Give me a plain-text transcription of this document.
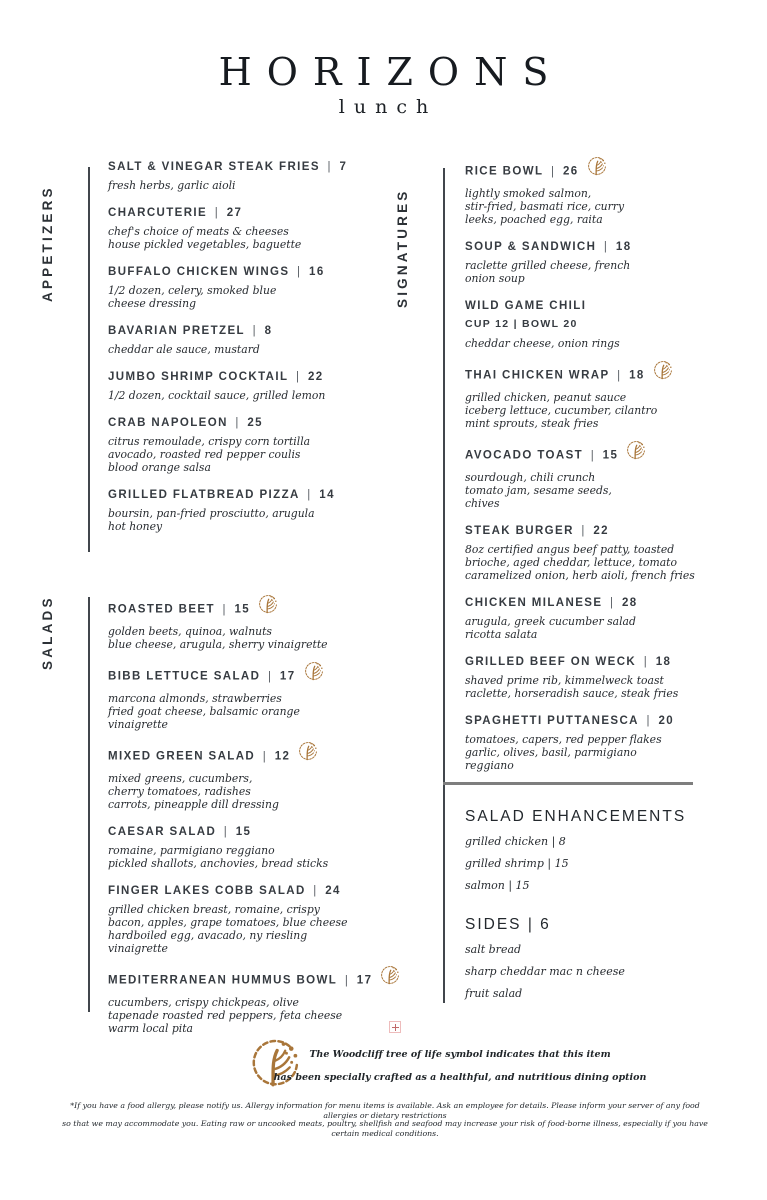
HORIZONS
lunch
APPETIZERS
SALADS
SIGNATURES
SALT & VINEGAR STEAK FRIES | 7
fresh herbs, garlic aioli
CHARCUTERIE | 27
chef's choice of meats & cheeses
house pickled vegetables, baguette
BUFFALO CHICKEN WINGS | 16
1/2 dozen, celery, smoked blue
cheese dressing
BAVARIAN PRETZEL | 8
cheddar ale sauce, mustard
JUMBO SHRIMP COCKTAIL | 22
1/2 dozen, cocktail sauce, grilled lemon
CRAB NAPOLEON | 25
citrus remoulade, crispy corn tortilla
avocado, roasted red pepper coulis
blood orange salsa
GRILLED FLATBREAD PIZZA | 14
boursin, pan-fried prosciutto, arugula
hot honey
ROASTED BEET | 15
golden beets, quinoa, walnuts
blue cheese, arugula, sherry vinaigrette
BIBB LETTUCE SALAD | 17
marcona almonds, strawberries
fried goat cheese, balsamic orange
vinaigrette
MIXED GREEN SALAD | 12
mixed greens, cucumbers,
cherry tomatoes, radishes
carrots, pineapple dill dressing
CAESAR SALAD | 15
romaine, parmigiano reggiano
pickled shallots, anchovies, bread sticks
FINGER LAKES COBB SALAD | 24
grilled chicken breast, romaine, crispy
bacon, apples, grape tomatoes, blue cheese
hardboiled egg, avacado, ny riesling
vinaigrette
MEDITERRANEAN HUMMUS BOWL | 17
cucumbers, crispy chickpeas, olive
tapenade roasted red peppers, feta cheese
warm local pita
RICE BOWL | 26
lightly smoked salmon,
stir-fried, basmati rice, curry
leeks, poached egg, raita
SOUP & SANDWICH | 18
raclette grilled cheese, french
onion soup
WILD GAME CHILI
CUP 12 | BOWL 20
cheddar cheese, onion rings
THAI CHICKEN WRAP | 18
grilled chicken, peanut sauce
iceberg lettuce, cucumber, cilantro
mint sprouts, steak fries
AVOCADO TOAST | 15
sourdough, chili crunch
tomato jam, sesame seeds,
chives
STEAK BURGER | 22
8oz certified angus beef patty, toasted
brioche, aged cheddar, lettuce, tomato
caramelized onion, herb aioli, french fries
CHICKEN MILANESE | 28
arugula, greek cucumber salad
ricotta salata
GRILLED BEEF ON WECK | 18
shaved prime rib, kimmelweck toast
raclette, horseradish sauce, steak fries
SPAGHETTI PUTTANESCA | 20
tomatoes, capers, red pepper flakes
garlic, olives, basil, parmigiano
reggiano
SALAD ENHANCEMENTS
grilled chicken | 8
grilled shrimp | 15
salmon | 15
SIDES | 6
salt bread
sharp cheddar mac n cheese
fruit salad
The Woodcliff tree of life symbol indicates that this item
has been specially crafted as a healthful, and nutritious dining option
*If you have a food allergy, please notify us. Allergy information for menu items is available. Ask an employee for details. Please inform your server of any food allergies or dietary restrictions
so that we may accommodate you. Eating raw or uncooked meats, poultry, shellfish and seafood may increase your risk of food-borne illness, especially if you have certain medical conditions.
